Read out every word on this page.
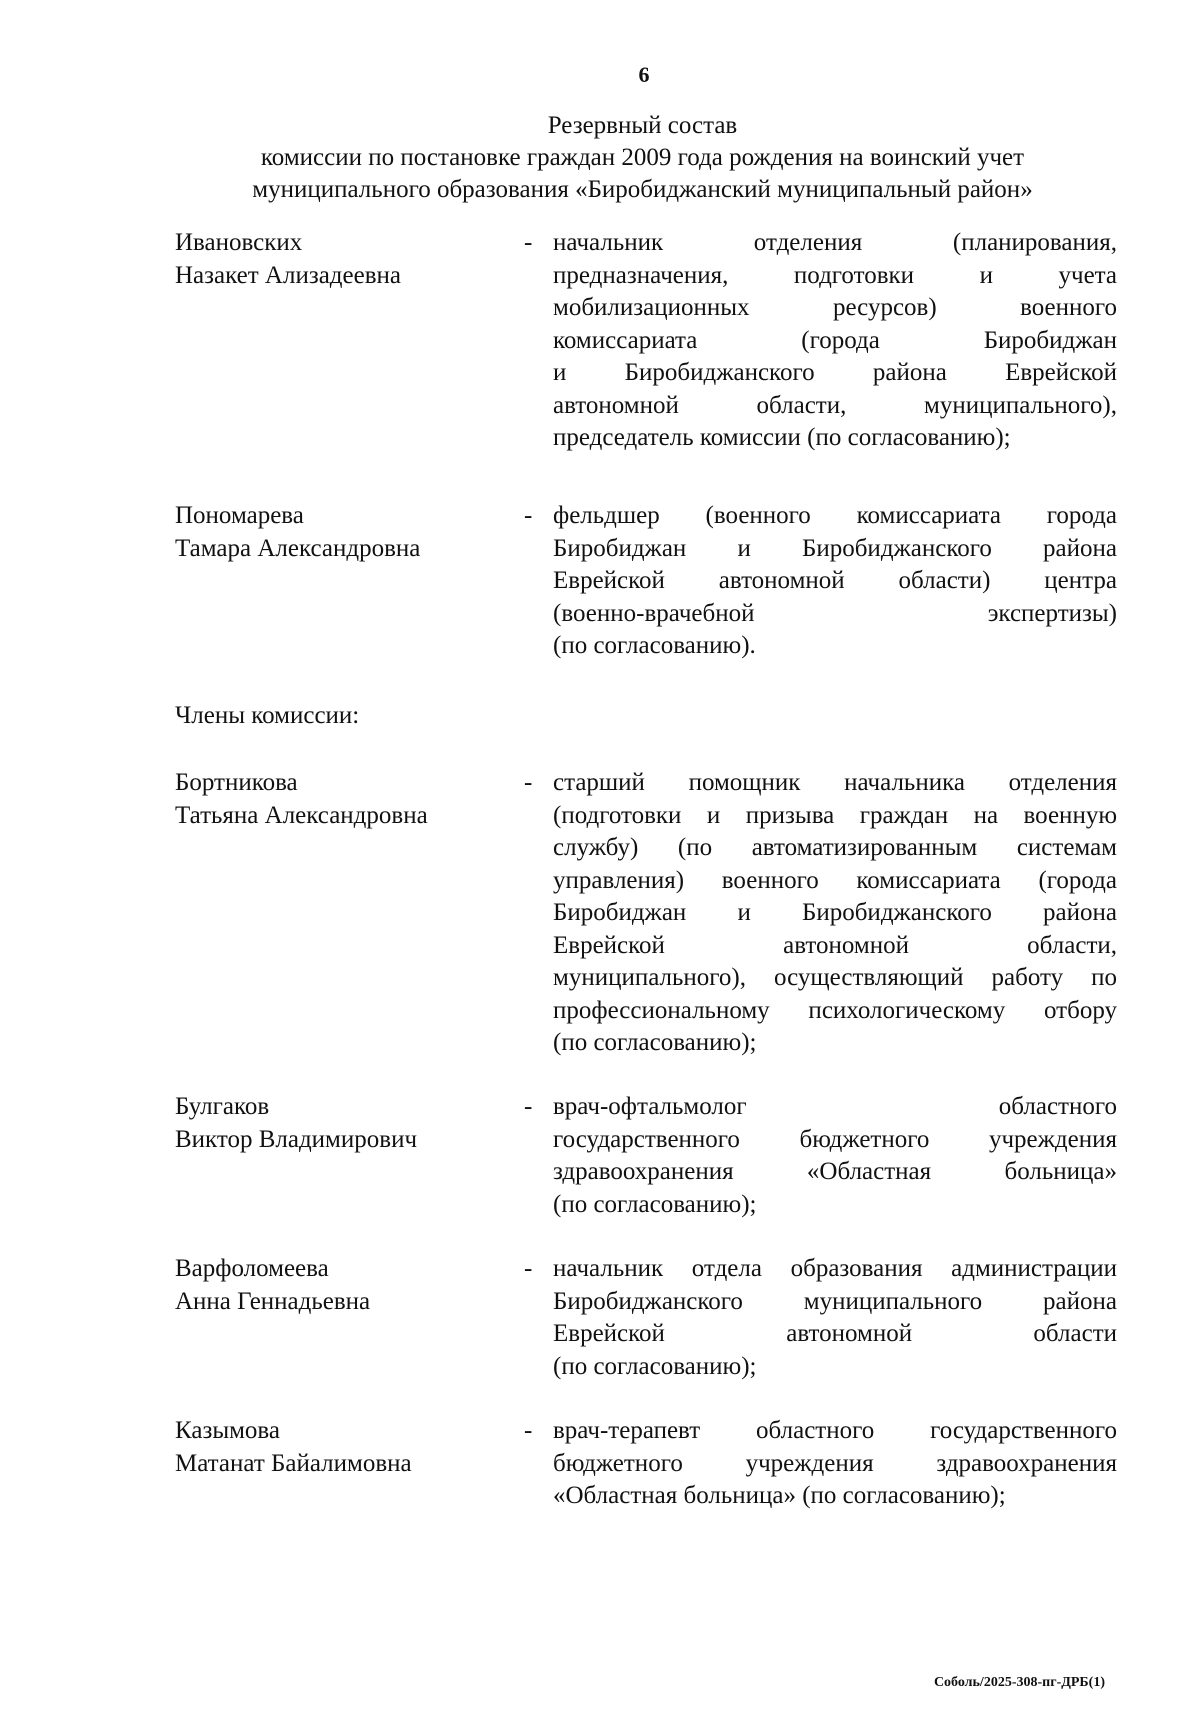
6
Резервный состав
комиссии по постановке граждан 2009 года рождения на воинский учет
муниципального образования «Биробиджанский муниципальный район»
Ивановских
Назакет Ализадеевна
- начальник отделения (планирования,
предназначения, подготовки и учета
мобилизационных ресурсов) военного
комиссариата (города Биробиджан
и Биробиджанского района Еврейской
автономной области, муниципального),
председатель комиссии (по согласованию);
Пономарева
Тамара Александровна
- фельдшер (военного комиссариата города
Биробиджан и Биробиджанского района
Еврейской автономной области) центра
(военно-врачебной экспертизы)
(по согласованию).
Члены комиссии:
Бортникова
Татьяна Александровна
- старший помощник начальника отделения
(подготовки и призыва граждан на военную
службу) (по автоматизированным системам
управления) военного комиссариата (города
Биробиджан и Биробиджанского района
Еврейской автономной области,
муниципального), осуществляющий работу по
профессиональному психологическому отбору
(по согласованию);
Булгаков
Виктор Владимирович
- врач-офтальмолог областного
государственного бюджетного учреждения
здравоохранения «Областная больница»
(по согласованию);
Варфоломеева
Анна Геннадьевна
- начальник отдела образования администрации
Биробиджанского муниципального района
Еврейской автономной области
(по согласованию);
Казымова
Матанат Байалимовна
- врач-терапевт областного государственного
бюджетного учреждения здравоохранения
«Областная больница» (по согласованию);
Соболь/2025-308-пг-ДРБ(1)
